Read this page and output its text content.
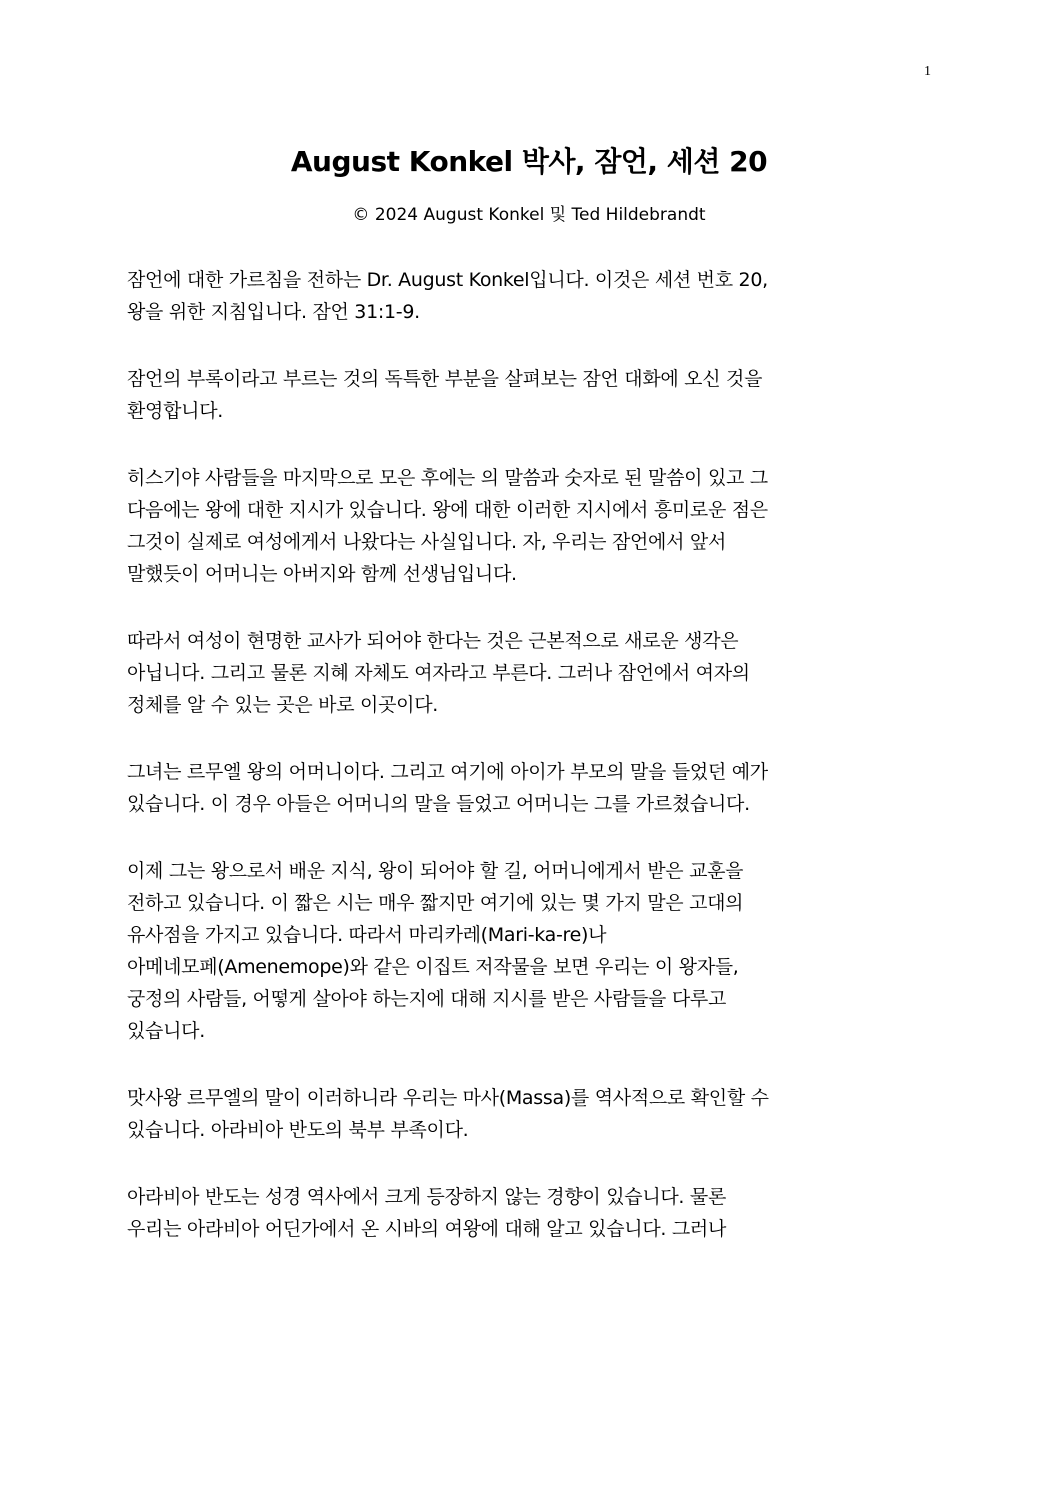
1
August Konkel 박사, 잠언, 세션 20
© 2024 August Konkel 및 Ted Hildebrandt
잠언에 대한 가르침을 전하는 Dr. August Konkel입니다. 이것은 세션 번호 20,
왕을 위한 지침입니다. 잠언 31:1-9.
잠언의 부록이라고 부르는 것의 독특한 부분을 살펴보는 잠언 대화에 오신 것을
환영합니다.
히스기야 사람들을 마지막으로 모은 후에는 의 말씀과 숫자로 된 말씀이 있고 그
다음에는 왕에 대한 지시가 있습니다. 왕에 대한 이러한 지시에서 흥미로운 점은
그것이 실제로 여성에게서 나왔다는 사실입니다. 자, 우리는 잠언에서 앞서
말했듯이 어머니는 아버지와 함께 선생님입니다.
따라서 여성이 현명한 교사가 되어야 한다는 것은 근본적으로 새로운 생각은
아닙니다. 그리고 물론 지혜 자체도 여자라고 부른다. 그러나 잠언에서 여자의
정체를 알 수 있는 곳은 바로 이곳이다.
그녀는 르무엘 왕의 어머니이다. 그리고 여기에 아이가 부모의 말을 들었던 예가
있습니다. 이 경우 아들은 어머니의 말을 들었고 어머니는 그를 가르쳤습니다.
이제 그는 왕으로서 배운 지식, 왕이 되어야 할 길, 어머니에게서 받은 교훈을
전하고 있습니다. 이 짧은 시는 매우 짧지만 여기에 있는 몇 가지 말은 고대의
유사점을 가지고 있습니다. 따라서 마리카레(Mari-ka-re)나
아메네모페(Amenemope)와 같은 이집트 저작물을 보면 우리는 이 왕자들,
궁정의 사람들, 어떻게 살아야 하는지에 대해 지시를 받은 사람들을 다루고
있습니다.
맛사왕 르무엘의 말이 이러하니라 우리는 마사(Massa)를 역사적으로 확인할 수
있습니다. 아라비아 반도의 북부 부족이다.
아라비아 반도는 성경 역사에서 크게 등장하지 않는 경향이 있습니다. 물론
우리는 아라비아 어딘가에서 온 시바의 여왕에 대해 알고 있습니다. 그러나
